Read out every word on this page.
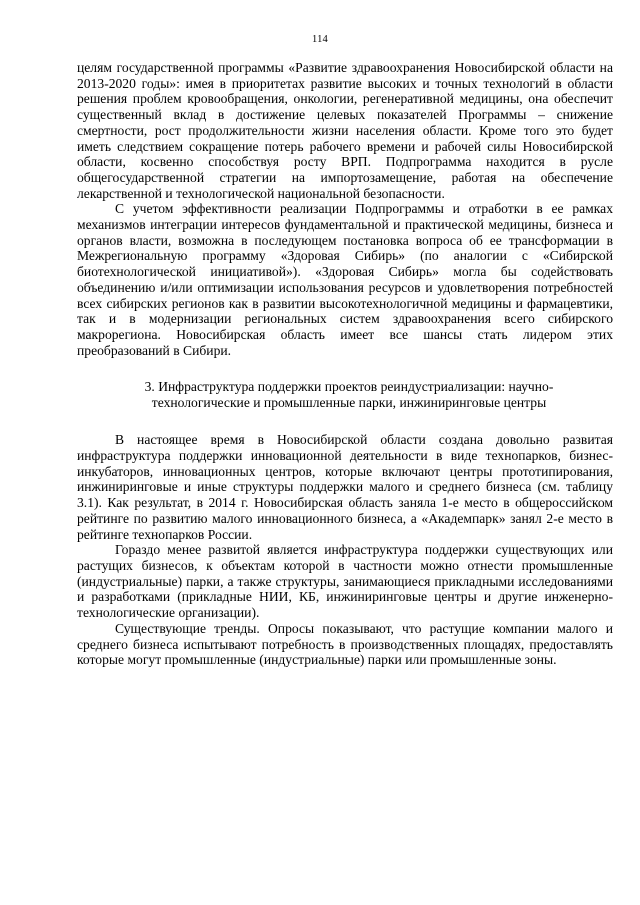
114

целям государственной программы «Развитие здравоохранения Новосибирской области на 2013-2020 годы»: имея в приоритетах развитие высоких и точных технологий в области решения проблем кровообращения, онкологии, регенеративной медицины, она обеспечит существенный вклад в достижение целевых показателей Программы – снижение смертности, рост продолжительности жизни населения области. Кроме того это будет иметь следствием сокращение потерь рабочего времени и рабочей силы Новосибирской области, косвенно способствуя росту ВРП. Подпрограмма находится в русле общегосударственной стратегии на импортозамещение, работая на обеспечение лекарственной и технологической национальной безопасности.

С учетом эффективности реализации Подпрограммы и отработки в ее рамках механизмов интеграции интересов фундаментальной и практической медицины, бизнеса и органов власти, возможна в последующем постановка вопроса об ее трансформации в Межрегиональную программу «Здоровая Сибирь» (по аналогии с «Сибирской биотехнологической инициативой»). «Здоровая Сибирь» могла бы содействовать объединению и/или оптимизации использования ресурсов и удовлетворения потребностей всех сибирских регионов как в развитии высокотехнологичной медицины и фармацевтики, так и в модернизации региональных систем здравоохранения всего сибирского макрорегиона. Новосибирская область имеет все шансы стать лидером этих преобразований в Сибири.

3. Инфраструктура поддержки проектов реиндустриализации: научно-технологические и промышленные парки, инжиниринговые центры

В настоящее время в Новосибирской области создана довольно развитая инфраструктура поддержки инновационной деятельности в виде технопарков, бизнес-инкубаторов, инновационных центров, которые включают центры прототипирования, инжиниринговые и иные структуры поддержки малого и среднего бизнеса (см. таблицу 3.1). Как результат, в 2014 г. Новосибирская область заняла 1-е место в общероссийском рейтинге по развитию малого инновационного бизнеса, а «Академпарк» занял 2-е место в рейтинге технопарков России.

Гораздо менее развитой является инфраструктура поддержки существующих или растущих бизнесов, к объектам которой в частности можно отнести промышленные (индустриальные) парки, а также структуры, занимающиеся прикладными исследованиями и разработками (прикладные НИИ, КБ, инжиниринговые центры и другие инженерно-технологические организации).

Существующие тренды. Опросы показывают, что растущие компании малого и среднего бизнеса испытывают потребность в производственных площадях, предоставлять которые могут промышленные (индустриальные) парки или промышленные зоны.
